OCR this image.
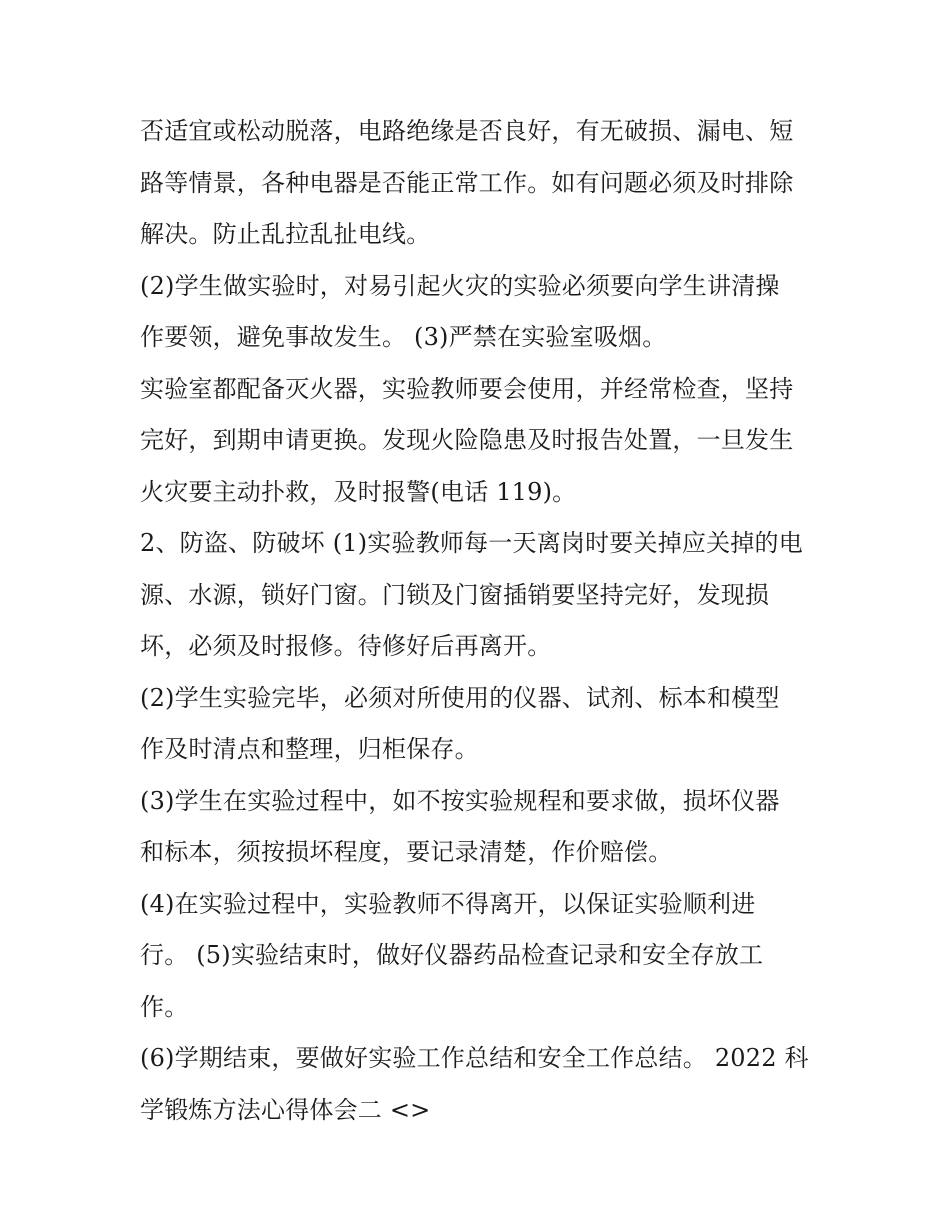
否适宜或松动脱落，电路绝缘是否良好，有无破损、漏电、短
路等情景，各种电器是否能正常工作。如有问题必须及时排除
解决。防止乱拉乱扯电线。
(2)学生做实验时，对易引起火灾的实验必须要向学生讲清操
作要领，避免事故发生。 (3)严禁在实验室吸烟。
实验室都配备灭火器，实验教师要会使用，并经常检查，坚持
完好，到期申请更换。发现火险隐患及时报告处置，一旦发生
火灾要主动扑救，及时报警(电话 119)。
2、防盗、防破坏 (1)实验教师每一天离岗时要关掉应关掉的电
源、水源，锁好门窗。门锁及门窗插销要坚持完好，发现损
坏，必须及时报修。待修好后再离开。
(2)学生实验完毕，必须对所使用的仪器、试剂、标本和模型
作及时清点和整理，归柜保存。
(3)学生在实验过程中，如不按实验规程和要求做，损坏仪器
和标本，须按损坏程度，要记录清楚，作价赔偿。
(4)在实验过程中，实验教师不得离开，以保证实验顺利进
行。 (5)实验结束时，做好仪器药品检查记录和安全存放工
作。
(6)学期结束，要做好实验工作总结和安全工作总结。 2022 科
学锻炼方法心得体会二 <>
